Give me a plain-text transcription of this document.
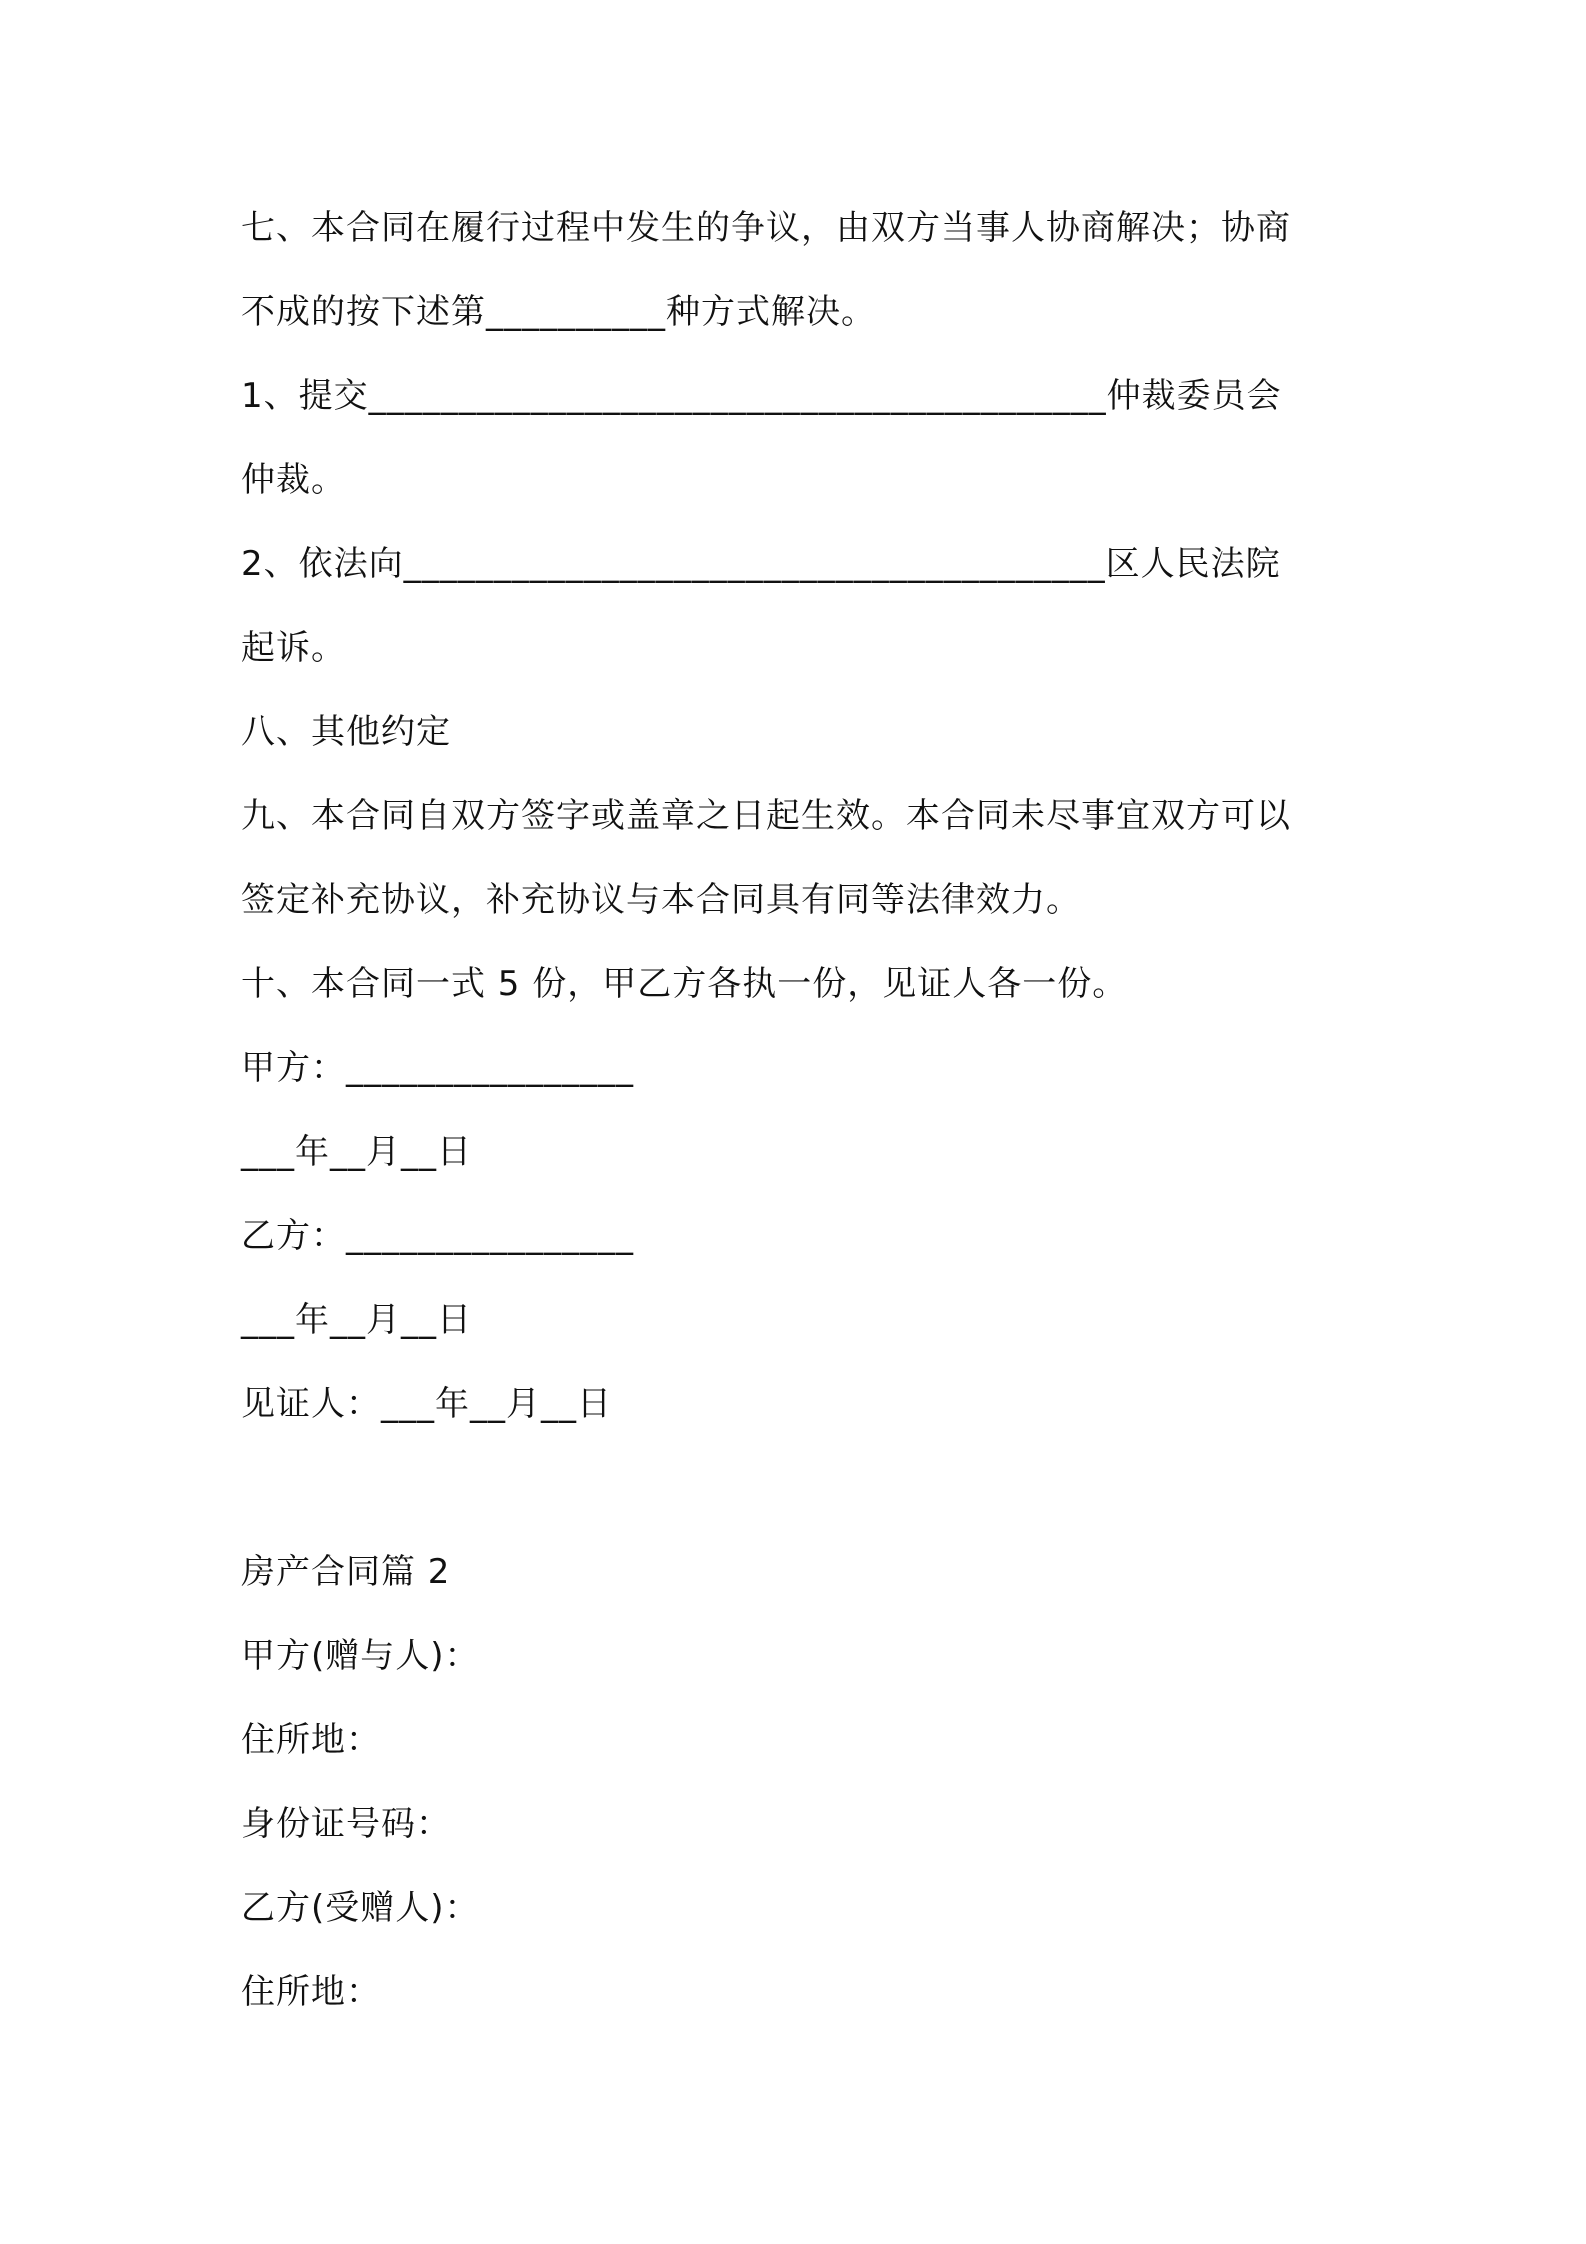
七、本合同在履行过程中发生的争议，由双方当事人协商解决；协商
不成的按下述第__________种方式解决。
1、提交_________________________________________仲裁委员会
仲裁。
2、依法向_______________________________________区人民法院
起诉。
八、其他约定
九、本合同自双方签字或盖章之日起生效。本合同未尽事宜双方可以
签定补充协议，补充协议与本合同具有同等法律效力。
十、本合同一式 5 份，甲乙方各执一份，见证人各一份。
甲方：________________
___年__月__日
乙方：________________
___年__月__日
见证人：___年__月__日
房产合同篇 2
甲方(赠与人)：
住所地：
身份证号码：
乙方(受赠人)：
住所地：
